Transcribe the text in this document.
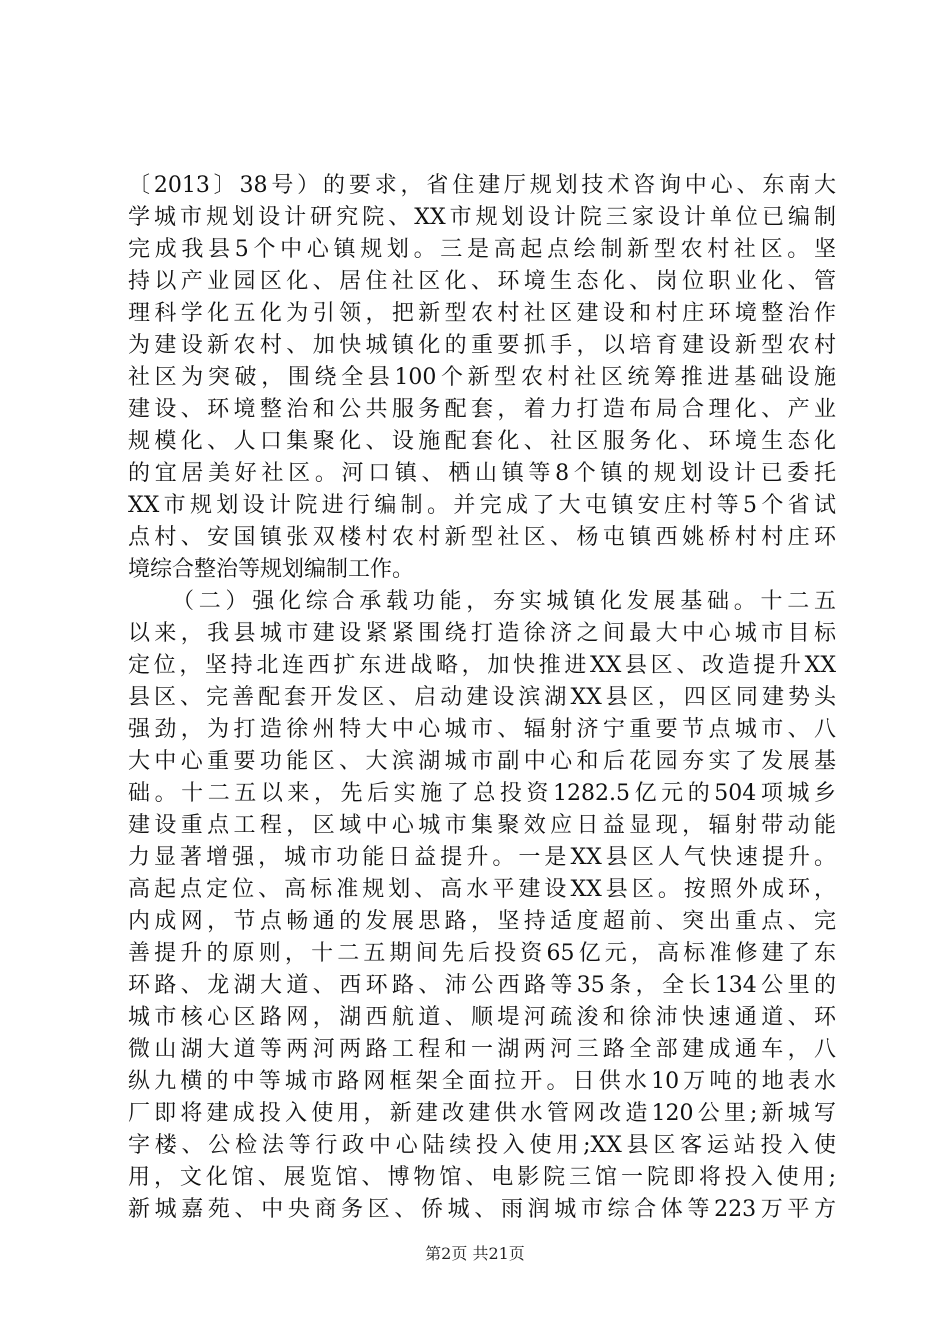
〔2013〕38号）的要求，省住建厅规划技术咨询中心、东南大
学城市规划设计研究院、XX市规划设计院三家设计单位已编制
完成我县5个中心镇规划。三是高起点绘制新型农村社区。坚
持以产业园区化、居住社区化、环境生态化、岗位职业化、管
理科学化五化为引领，把新型农村社区建设和村庄环境整治作
为建设新农村、加快城镇化的重要抓手，以培育建设新型农村
社区为突破，围绕全县100个新型农村社区统筹推进基础设施
建设、环境整治和公共服务配套，着力打造布局合理化、产业
规模化、人口集聚化、设施配套化、社区服务化、环境生态化
的宜居美好社区。河口镇、栖山镇等8个镇的规划设计已委托
XX市规划设计院进行编制。并完成了大屯镇安庄村等5个省试
点村、安国镇张双楼村农村新型社区、杨屯镇西姚桥村村庄环
境综合整治等规划编制工作。
（二）强化综合承载功能，夯实城镇化发展基础。十二五
以来，我县城市建设紧紧围绕打造徐济之间最大中心城市目标
定位，坚持北连西扩东进战略，加快推进XX县区、改造提升XX
县区、完善配套开发区、启动建设滨湖XX县区，四区同建势头
强劲，为打造徐州特大中心城市、辐射济宁重要节点城市、八
大中心重要功能区、大滨湖城市副中心和后花园夯实了发展基
础。十二五以来，先后实施了总投资1282.5亿元的504项城乡
建设重点工程，区域中心城市集聚效应日益显现，辐射带动能
力显著增强，城市功能日益提升。一是XX县区人气快速提升。
高起点定位、高标准规划、高水平建设XX县区。按照外成环，
内成网，节点畅通的发展思路，坚持适度超前、突出重点、完
善提升的原则，十二五期间先后投资65亿元，高标准修建了东
环路、龙湖大道、西环路、沛公西路等35条，全长134公里的
城市核心区路网，湖西航道、顺堤河疏浚和徐沛快速通道、环
微山湖大道等两河两路工程和一湖两河三路全部建成通车，八
纵九横的中等城市路网框架全面拉开。日供水10万吨的地表水
厂即将建成投入使用，新建改建供水管网改造120公里;新城写
字楼、公检法等行政中心陆续投入使用;XX县区客运站投入使
用，文化馆、展览馆、博物馆、电影院三馆一院即将投入使用;
新城嘉苑、中央商务区、侨城、雨润城市综合体等223万平方
第2页 共21页
